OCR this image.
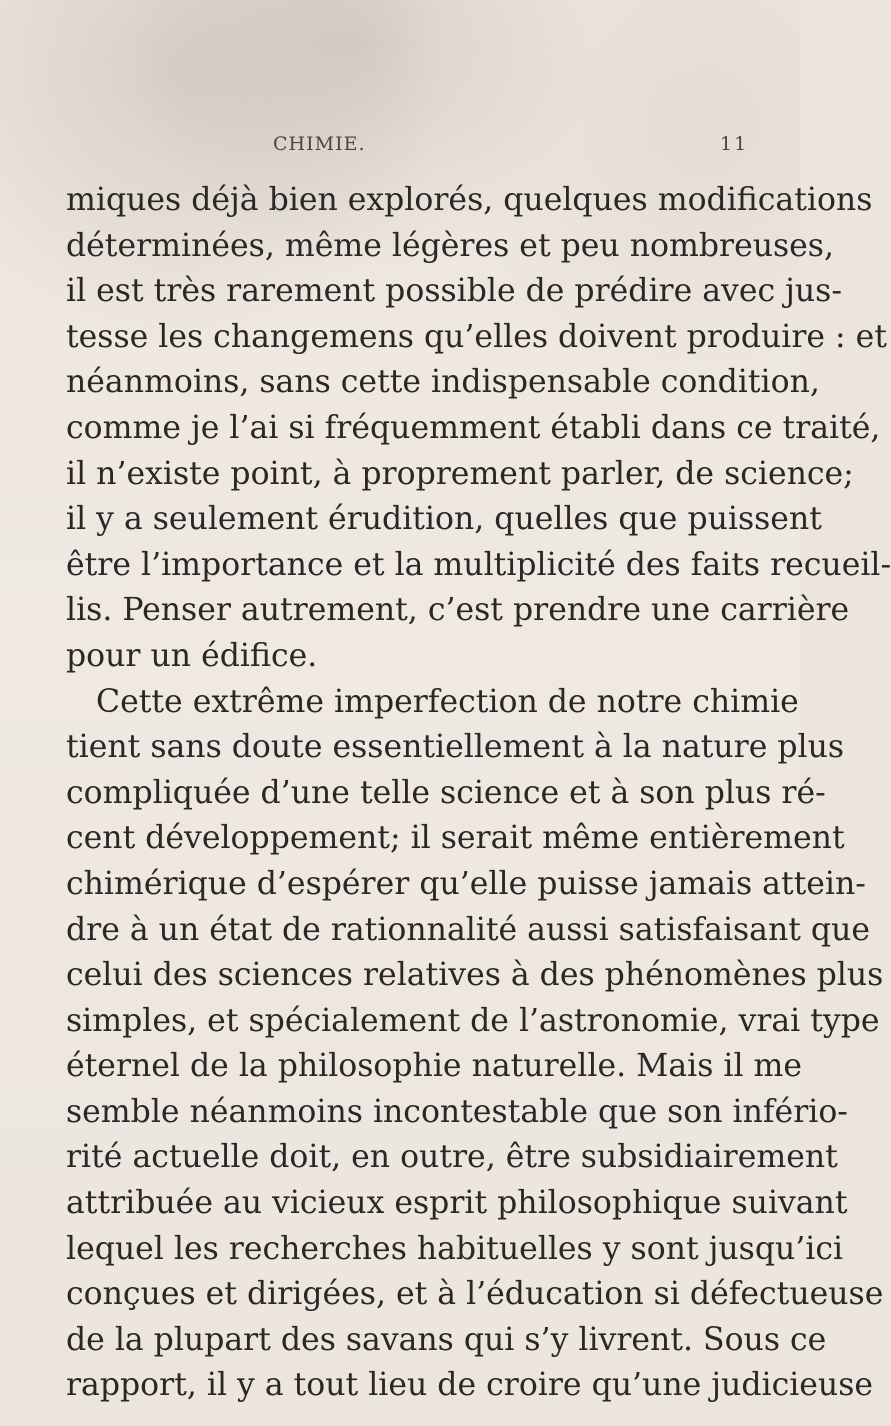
CHIMIE.	11
miques déjà bien explorés, quelques modifications
déterminées, même légères et peu nombreuses,
il est très rarement possible de prédire avec jus-
tesse les changemens qu’elles doivent produire : et
néanmoins, sans cette indispensable condition,
comme je l’ai si fréquemment établi dans ce traité,
il n’existe point, à proprement parler, de science;
il y a seulement érudition, quelles que puissent
être l’importance et la multiplicité des faits recueil-
lis. Penser autrement, c’est prendre une carrière
pour un édifice.
Cette extrême imperfection de notre chimie
tient sans doute essentiellement à la nature plus
compliquée d’une telle science et à son plus ré-
cent développement; il serait même entièrement
chimérique d’espérer qu’elle puisse jamais attein-
dre à un état de rationnalité aussi satisfaisant que
celui des sciences relatives à des phénomènes plus
simples, et spécialement de l’astronomie, vrai type
éternel de la philosophie naturelle. Mais il me
semble néanmoins incontestable que son infério-
rité actuelle doit, en outre, être subsidiairement
attribuée au vicieux esprit philosophique suivant
lequel les recherches habituelles y sont jusqu’ici
conçues et dirigées, et à l’éducation si défectueuse
de la plupart des savans qui s’y livrent. Sous ce
rapport, il y a tout lieu de croire qu’une judicieuse
